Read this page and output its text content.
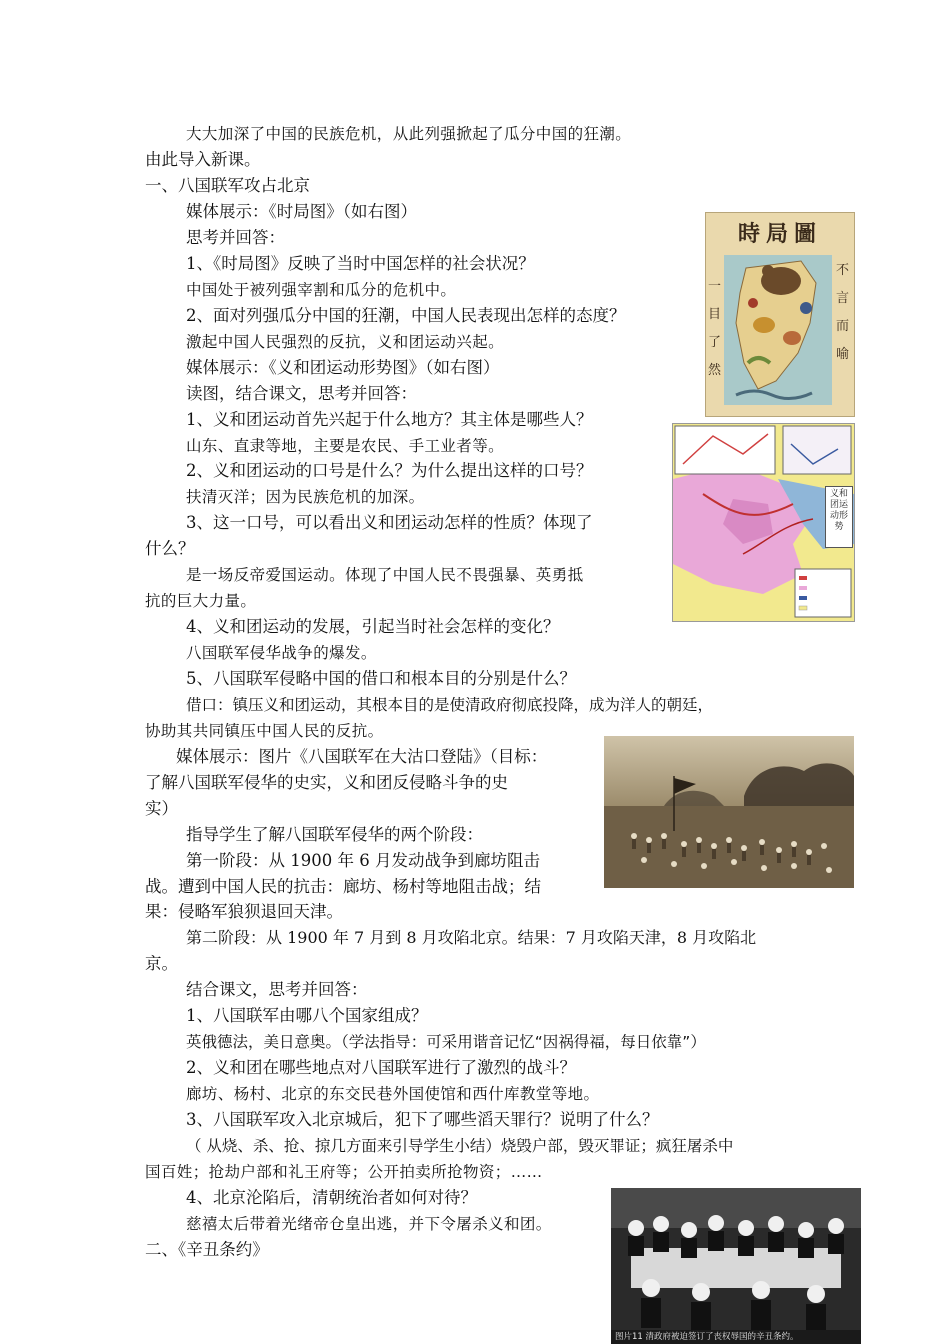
大大加深了中国的民族危机，从此列强掀起了瓜分中国的狂潮。
由此导入新课。
一、八国联军攻占北京
媒体展示：《时局图》（如右图）
思考并回答：
1、《时局图》反映了当时中国怎样的社会状况？
中国处于被列强宰割和瓜分的危机中。
2、面对列强瓜分中国的狂潮，中国人民表现出怎样的态度？
激起中国人民强烈的反抗，义和团运动兴起。
媒体展示：《义和团运动形势图》（如右图）
读图，结合课文，思考并回答：
1、义和团运动首先兴起于什么地方？其主体是哪些人？
山东、直隶等地，主要是农民、手工业者等。
2、义和团运动的口号是什么？为什么提出这样的口号？
扶清灭洋；因为民族危机的加深。
3、这一口号，可以看出义和团运动怎样的性质？体现了
什么？
是一场反帝爱国运动。体现了中国人民不畏强暴、英勇抵
抗的巨大力量。
4、义和团运动的发展，引起当时社会怎样的变化？
八国联军侵华战争的爆发。
5、八国联军侵略中国的借口和根本目的分别是什么？
借口：镇压义和团运动，其根本目的是使清政府彻底投降，成为洋人的朝廷，
协助其共同镇压中国人民的反抗。
媒体展示：图片《八国联军在大沽口登陆》（目标：
了解八国联军侵华的史实，义和团反侵略斗争的史
实）
指导学生了解八国联军侵华的两个阶段：
第一阶段：从 1900 年 6 月发动战争到廊坊阻击
战。遭到中国人民的抗击：廊坊、杨村等地阻击战；结
果：侵略军狼狈退回天津。
第二阶段：从 1900 年 7 月到 8 月攻陷北京。结果：7 月攻陷天津，8 月攻陷北
京。
结合课文，思考并回答：
1、八国联军由哪八个国家组成？
英俄德法，美日意奥。（学法指导：可采用谐音记忆“因祸得福，每日依靠”）
2、义和团在哪些地点对八国联军进行了激烈的战斗？
廊坊、杨村、北京的东交民巷外国使馆和西什库教堂等地。
3、八国联军攻入北京城后，犯下了哪些滔天罪行？说明了什么？
（ 从烧、杀、抢、掠几方面来引导学生小结）烧毁户部，毁灭罪证；疯狂屠杀中
国百姓；抢劫户部和礼王府等；公开拍卖所抢物资；……
4、北京沦陷后，清朝统治者如何对待？
慈禧太后带着光绪帝仓皇出逃，并下令屠杀义和团。
二、《辛丑条约》
時局圖
不言而喻
一目了然
义和团运动形势
图片11 清政府被迫签订了丧权辱国的辛丑条约。
